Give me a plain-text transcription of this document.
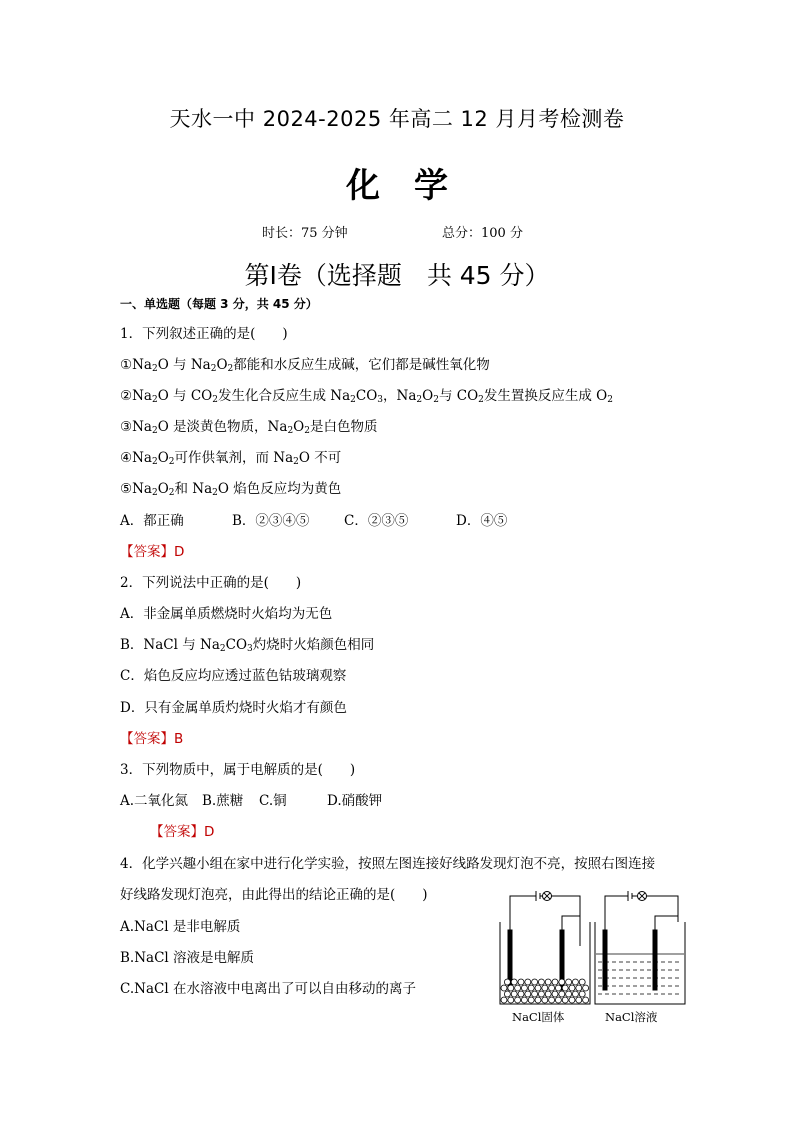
天水一中 2024-2025 年高二 12 月月考检测卷
化　学
时长：75 分钟	总分：100 分
第Ⅰ卷（选择题　共 45 分）
一、单选题（每题 3 分，共 45 分）
1．下列叙述正确的是(　　)
$①Na_2O$ 与 $Na_2O_2$都能和水反应生成碱，它们都是碱性氧化物
$②Na_2O$ 与 $CO_2$发生化合反应生成 $Na_2CO_3$，$Na_2O_2$与 $CO_2$发生置换反应生成 $O_2$
$③Na_2O$ 是淡黄色物质，$Na_2O_2$是白色物质
$④Na_2O_2$可作供氧剂，而 $Na_2O$ 不可
$⑤Na_2O_2$和 $Na_2O$ 焰色反应均为黄色
A．都正确	B．②③④⑤	C．②③⑤	D．④⑤
【答案】D
2．下列说法中正确的是(　　)
A．非金属单质燃烧时火焰均为无色
B．NaCl 与 $Na_2CO_3$灼烧时火焰颜色相同
C．焰色反应均应透过蓝色钴玻璃观察
D．只有金属单质灼烧时火焰才有颜色
【答案】B
3．下列物质中，属于电解质的是(　　)
A.二氧化氮 B.蔗糖 C.铜	D.硝酸钾
【答案】D
4．化学兴趣小组在家中进行化学实验，按照左图连接好线路发现灯泡不亮，按照右图连接
好线路发现灯泡亮，由此得出的结论正确的是(　　)
A.NaCl 是非电解质
B.NaCl 溶液是电解质
C.NaCl 在水溶液中电离出了可以自由移动的离子
NaCl固体	NaCl溶液
